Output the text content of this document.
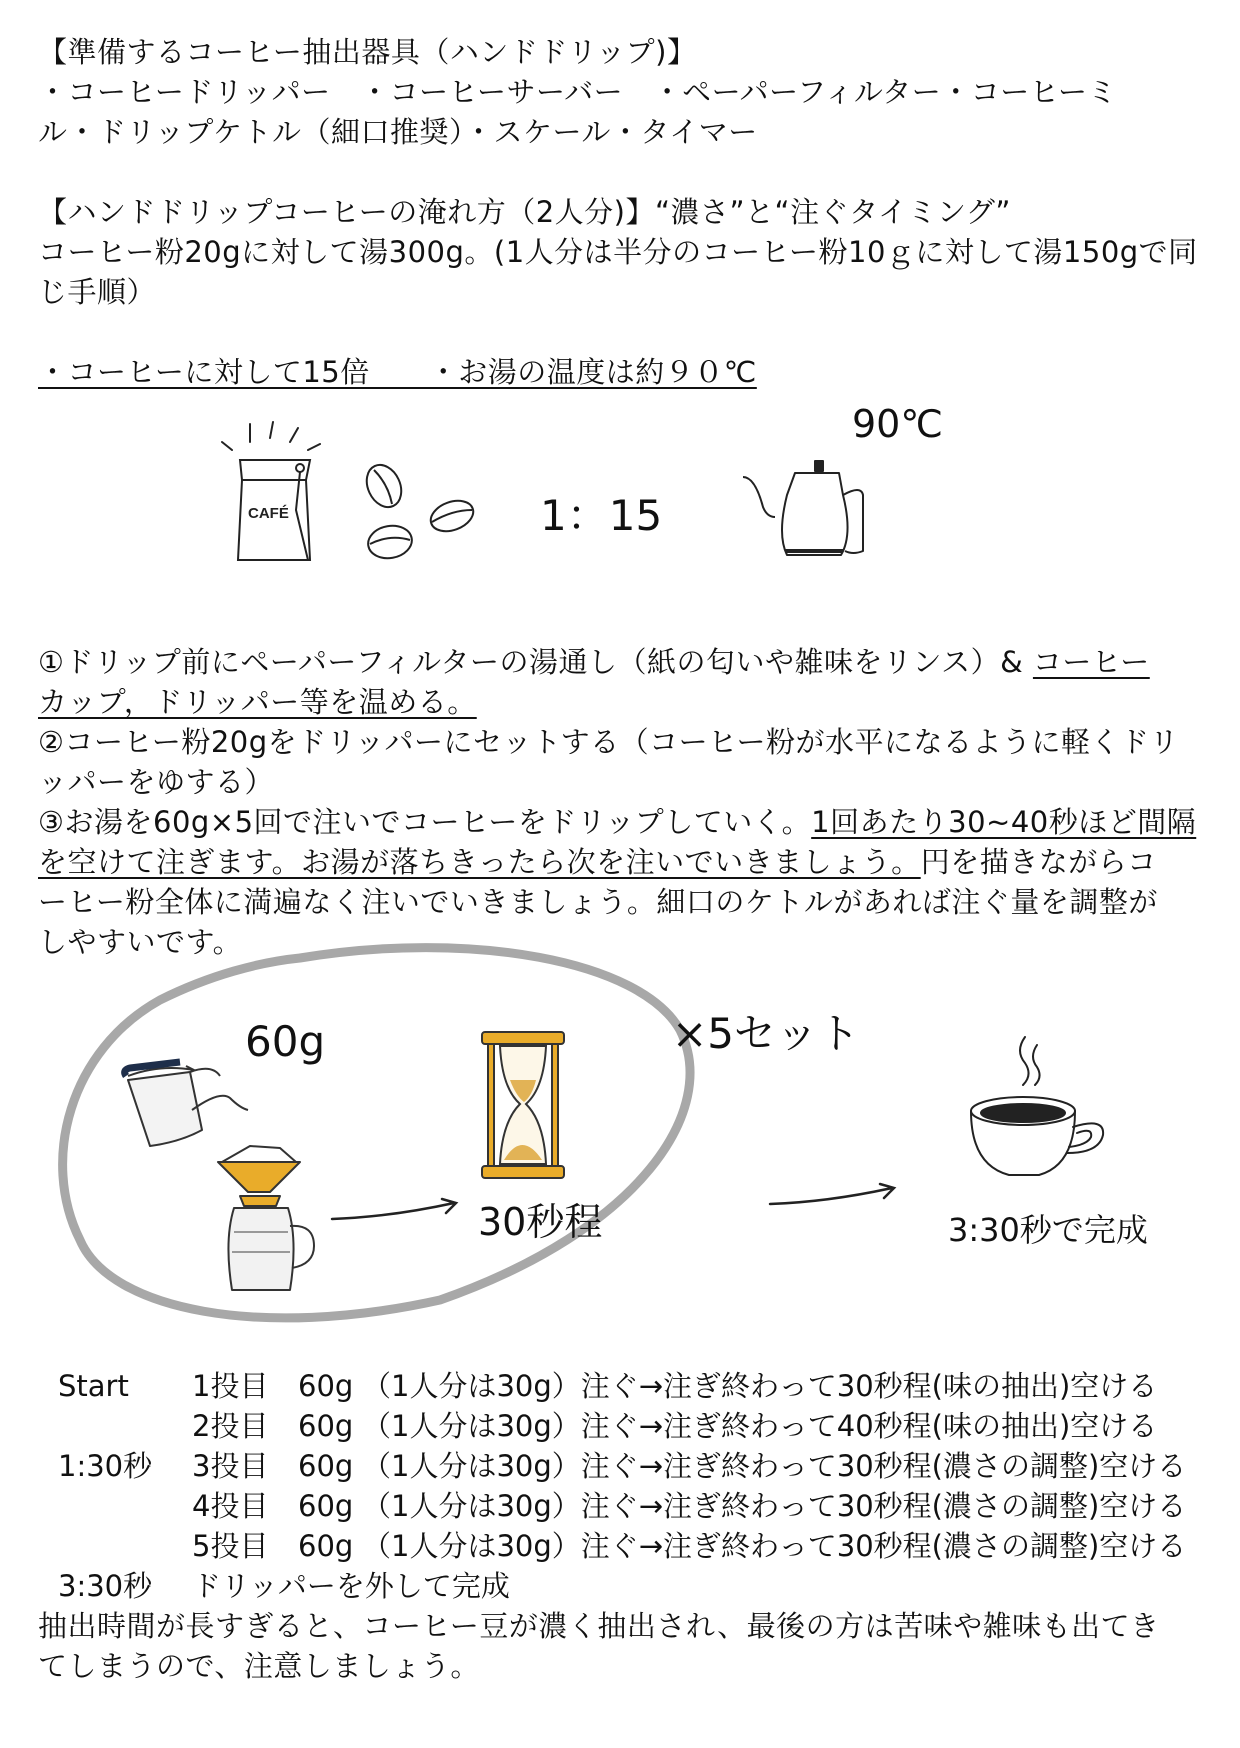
【準備するコーヒー抽出器具（ハンドドリップ)】
・コーヒードリッパー　・コーヒーサーバー　・ペーパーフィルター・コーヒーミ
ル・ドリップケトル（細口推奨）・スケール・タイマー
【ハンドドリップコーヒーの淹れ方（2人分)】“濃さ”と“注ぐタイミング”
コーヒー粉20gに対して湯300g。(1人分は半分のコーヒー粉10ｇに対して湯150gで同
じ手順）
・コーヒーに対して15倍　　・お湯の温度は約９０℃
CAFÉ	1：15
90℃
①ドリップ前にペーパーフィルターの湯通し（紙の匂いや雑味をリンス）& コーヒー
カップ，ドリッパー等を温める。
②コーヒー粉20gをドリッパーにセットする（コーヒー粉が水平になるように軽くドリ
ッパーをゆする）
③お湯を60g×5回で注いでコーヒーをドリップしていく。1回あたり30~40秒ほど間隔
を空けて注ぎます。お湯が落ちきったら次を注いでいきましょう。円を描きながらコ
ーヒー粉全体に満遍なく注いでいきましょう。細口のケトルがあれば注ぐ量を調整が
しやすいです。
60g	×5セット
30秒程	3:30秒で完成
Start 1投目 60g （1人分は30g）注ぐ→注ぎ終わって30秒程(味の抽出)空ける
2投目 60g （1人分は30g）注ぐ→注ぎ終わって40秒程(味の抽出)空ける
1:30秒 3投目 60g （1人分は30g）注ぐ→注ぎ終わって30秒程(濃さの調整)空ける
4投目 60g （1人分は30g）注ぐ→注ぎ終わって30秒程(濃さの調整)空ける
5投目 60g （1人分は30g）注ぐ→注ぎ終わって30秒程(濃さの調整)空ける
3:30秒 ドリッパーを外して完成
抽出時間が長すぎると、コーヒー豆が濃く抽出され、最後の方は苦味や雑味も出てき
てしまうので、注意しましょう。
